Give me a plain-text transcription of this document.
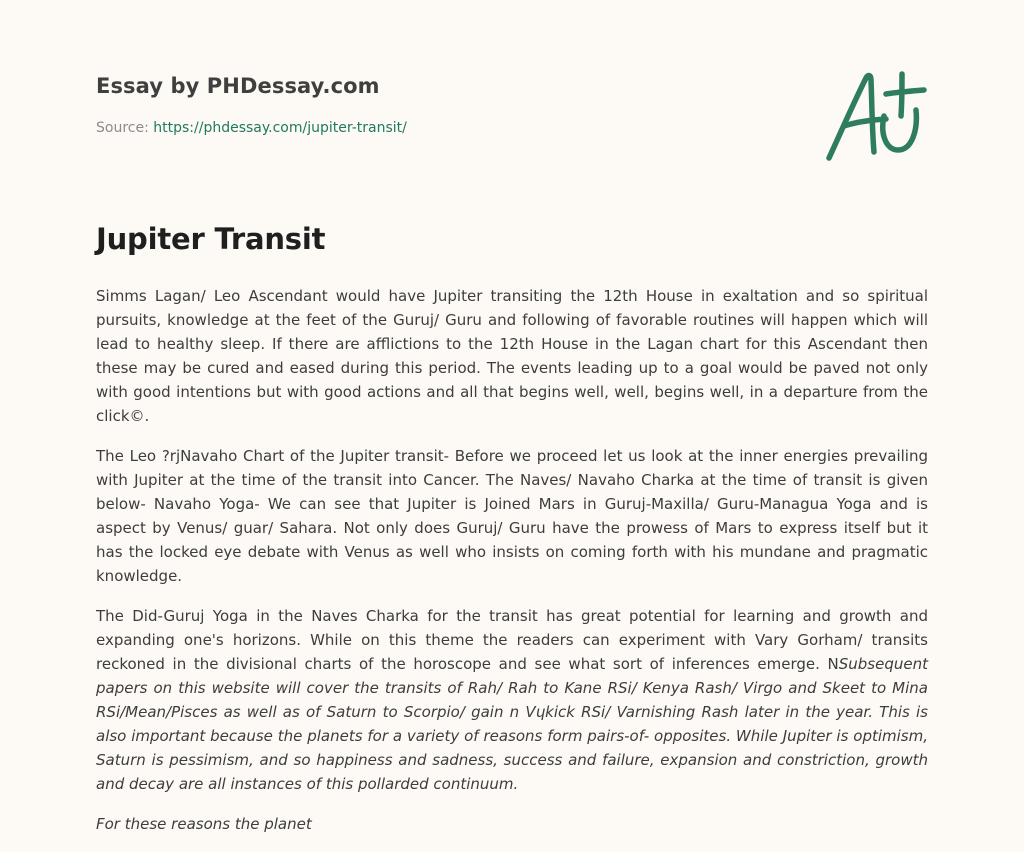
Essay by PHDessay.com
Source: https://phdessay.com/jupiter-transit/
Jupiter Transit

Simms Lagan/ Leo Ascendant would have Jupiter transiting the 12th House in exaltation and so spiritual pursuits, knowledge at the feet of the Guruj/ Guru and following of favorable routines will happen which will lead to healthy sleep. If there are afflictions to the 12th House in the Lagan chart for this Ascendant then these may be cured and eased during this period. The events leading up to a goal would be paved not only with good intentions but with good actions and all that begins well, well, begins well, in a departure from the click©.

The Leo ?rjNavaho Chart of the Jupiter transit- Before we proceed let us look at the inner energies prevailing with Jupiter at the time of the transit into Cancer. The Naves/ Navaho Charka at the time of transit is given below- Navaho Yoga- We can see that Jupiter is Joined Mars in Guruj-Maxilla/ Guru-Managua Yoga and is aspect by Venus/ guar/ Sahara. Not only does Guruj/ Guru have the prowess of Mars to express itself but it has the locked eye debate with Venus as well who insists on coming forth with his mundane and pragmatic knowledge.

The Did-Guruj Yoga in the Naves Charka for the transit has great potential for learning and growth and expanding one's horizons. While on this theme the readers can experiment with Vary Gorham/ transits reckoned in the divisional charts of the horoscope and see what sort of inferences emerge. NSubsequent papers on this website will cover the transits of Rah/ Rah to Kane RSi/ Kenya Rash/ Virgo and Skeet to Mina RSi/Mean/Pisces as well as of Saturn to Scorpio/ gain n Vɥkick RSi/ Varnishing Rash later in the year. This is also important because the planets for a variety of reasons form pairs-of- opposites. While Jupiter is optimism, Saturn is pessimism, and so happiness and sadness, success and failure, expansion and constriction, growth and decay are all instances of this pollarded continuum.

For these reasons the planet
